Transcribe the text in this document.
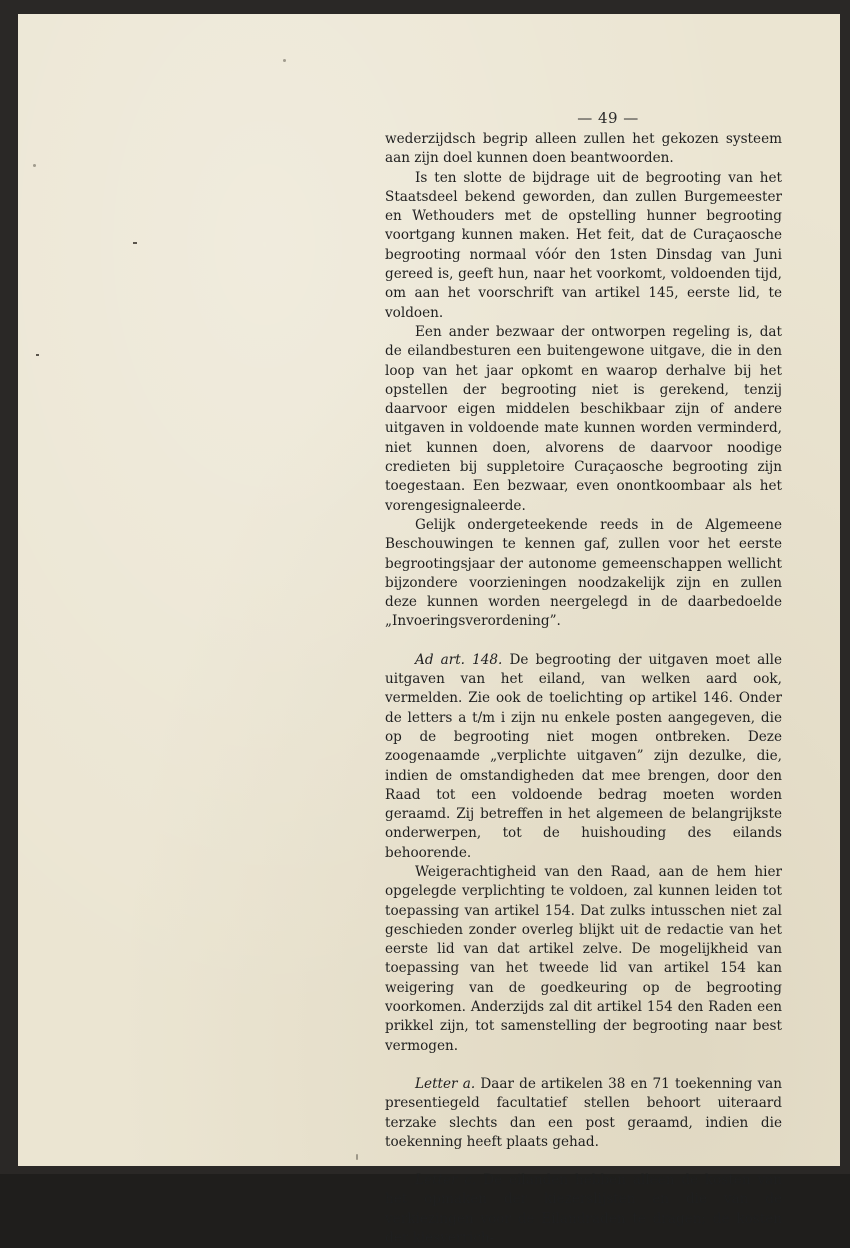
— 49 —

wederzijdsch begrip alleen zullen het gekozen systeem aan zijn doel kunnen doen beantwoorden.

Is ten slotte de bijdrage uit de begrooting van het Staatsdeel bekend geworden, dan zullen Burgemeester en Wethouders met de opstelling hunner begrooting voortgang kunnen maken. Het feit, dat de Curaçaosche begrooting normaal vóór den 1sten Dinsdag van Juni gereed is, geeft hun, naar het voorkomt, voldoenden tijd, om aan het voorschrift van artikel 145, eerste lid, te voldoen.

Een ander bezwaar der ontworpen regeling is, dat de eilandbesturen een buitengewone uitgave, die in den loop van het jaar opkomt en waarop derhalve bij het opstellen der begrooting niet is gerekend, tenzij daarvoor eigen middelen beschikbaar zijn of andere uitgaven in voldoende mate kunnen worden verminderd, niet kunnen doen, alvorens de daarvoor noodige credieten bij suppletoire Curaçaosche begrooting zijn toegestaan. Een bezwaar, even onontkoombaar als het vorengesignaleerde.

Gelijk ondergeteekende reeds in de Algemeene Beschouwingen te kennen gaf, zullen voor het eerste begrootingsjaar der autonome gemeenschappen wellicht bijzondere voorzieningen noodzakelijk zijn en zullen deze kunnen worden neergelegd in de daarbedoelde „Invoeringsverordening”.

Ad art. 148. De begrooting der uitgaven moet alle uitgaven van het eiland, van welken aard ook, vermelden. Zie ook de toelichting op artikel 146. Onder de letters a t/m i zijn nu enkele posten aangegeven, die op de begrooting niet mogen ontbreken. Deze zoogenaamde „verplichte uitgaven” zijn dezulke, die, indien de omstandigheden dat mee brengen, door den Raad tot een voldoende bedrag moeten worden geraamd. Zij betreffen in het algemeen de belangrijkste onderwerpen, tot de huishouding des eilands behoorende.

Weigerachtigheid van den Raad, aan de hem hier opgelegde verplichting te voldoen, zal kunnen leiden tot toepassing van artikel 154. Dat zulks intusschen niet zal geschieden zonder overleg blijkt uit de redactie van het eerste lid van dat artikel zelve. De mogelijkheid van toepassing van het tweede lid van artikel 154 kan weigering van de goedkeuring op de begrooting voorkomen. Anderzijds zal dit artikel 154 den Raden een prikkel zijn, tot samenstelling der begrooting naar best vermogen.

Letter a. Daar de artikelen 38 en 71 toekenning van presentiegeld facultatief stellen behoort uiteraard terzake slechts dan een post geraamd, indien die toekenning heeft plaats gehad.

Letter c. De eilanden hebben alleen de kosten van het opmaken der kiezerslijsten en die van de verkiezingen voor de Eilandraden te dragen; de kosten der kiesverrich-
